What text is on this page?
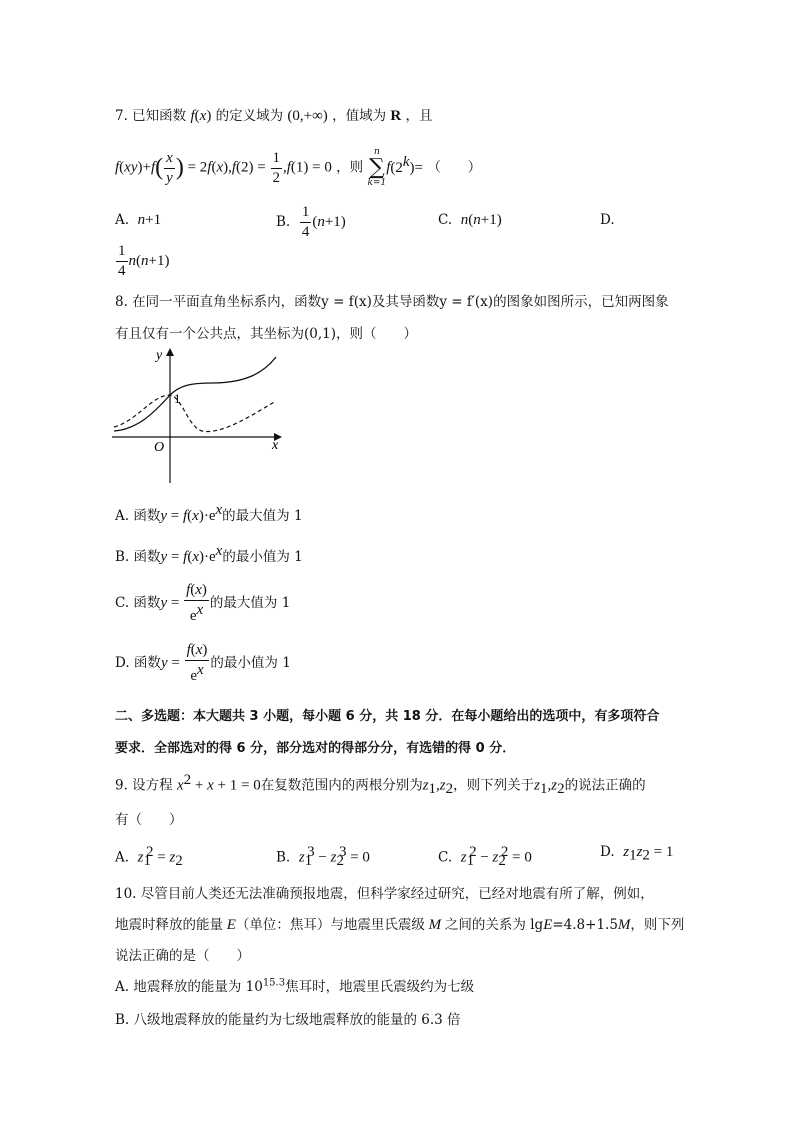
7. 已知函数 f(x) 的定义域为 (0,+∞) ，值域为 R ，且
$f(xy)+f( \frac{x}{y}$ ) = $2f(x),f(2) = \frac{1}{2} ,f(1) = 0$ ，则
n
∑
k=1
$f(2^k)=$ （　　）
A. n+1	B. $\frac{1}{4} (n+1)$	C. n(n+1)	D.
$\frac{1}{4} n(n+1)$
8. 在同一平面直角坐标系内，函数y = f(x)及其导函数y = f′(x)的图象如图所示，已知两图象
有且仅有一个公共点，其坐标为(0,1)，则（　　）
y
x
O
1
A. 函数$y = f(x)\cdot e^x$的最大值为 1
B. 函数$y = f(x)\cdot e^x$的最小值为 1
C. 函数$y = \frac{f(x)}{e^x}$ 的最大值为 1
D. 函数$y = \frac{f(x)}{e^x}$ 的最小值为 1
二、多选题：本大题共 3 小题，每小题 6 分，共 18 分．在每小题给出的选项中，有多项符合
要求．全部选对的得 6 分，部分选对的得部分分，有选错的得 0 分．
9. 设方程 $x^2 + x + 1 = 0$在复数范围内的两根分别为$z_1,z_2$，则下列关于$z_1,z_2$的说法正确的
有（　　）
A. $z_1^2 = z_2$	B. $z_1^3 - z_2^3 = 0$	C. $z_1^2 - z_2^2 = 0$	D. $z_1z_2 = 1$
10. 尽管目前人类还无法准确预报地震，但科学家经过研究，已经对地震有所了解，例如，
地震时释放的能量 E（单位：焦耳）与地震里氏震级 M 之间的关系为 lgE=4.8+1.5M，则下列
说法正确的是（　　）
A. 地震释放的能量为 $10^{15.3}$焦耳时，地震里氏震级约为七级
B. 八级地震释放的能量约为七级地震释放的能量的 6.3 倍
